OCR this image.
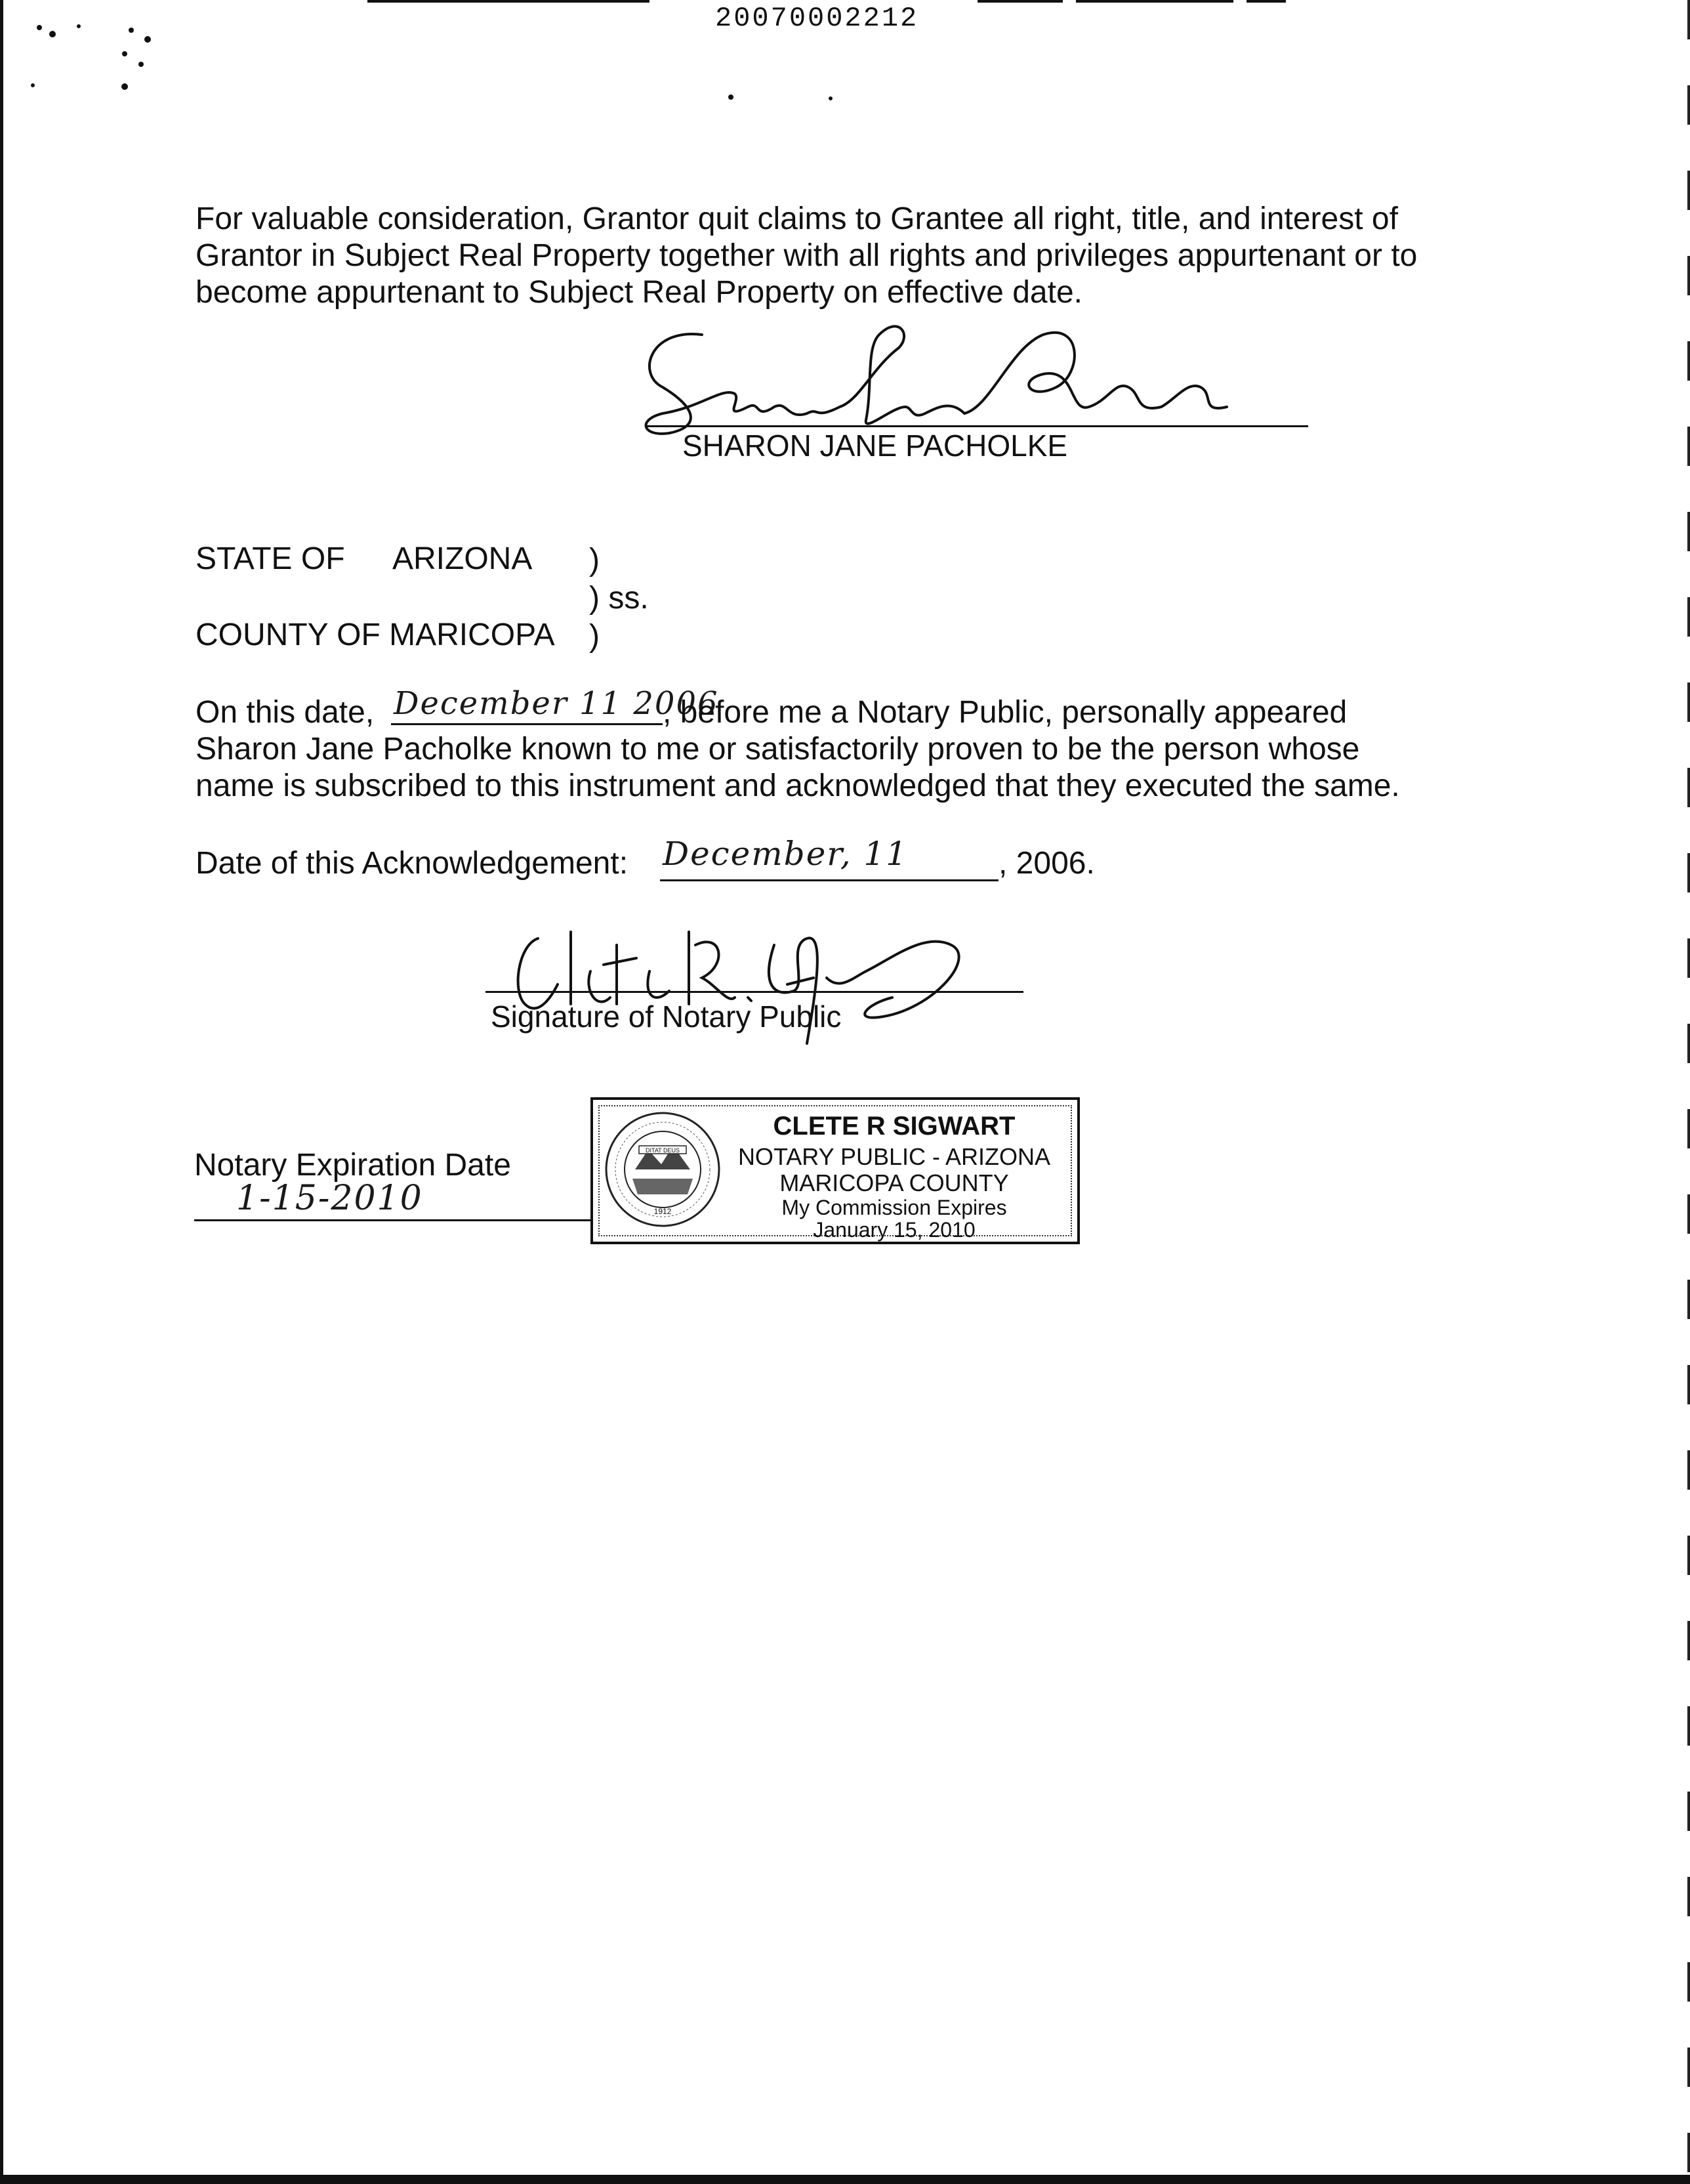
20070002212
For valuable consideration, Grantor quit claims to Grantee all right, title, and interest of
Grantor in Subject Real Property together with all rights and privileges appurtenant or to
become appurtenant to Subject Real Property on effective date.
SHARON JANE PACHOLKE
STATE OF ARIZONA )
) ss.
COUNTY OF MARICOPA )
On this date, December 11 2006
, before me a Notary Public, personally appeared
Sharon Jane Pacholke known to me or satisfactorily proven to be the person whose
name is subscribed to this instrument and acknowledged that they executed the same.
Date of this Acknowledgement: December, 11	, 2006.
Signature of Notary Public
Notary Expiration Date
1-15-2010
DITAT DEUS
1912
CLETE R SIGWART
NOTARY PUBLIC - ARIZONA
MARICOPA COUNTY
My Commission Expires
January 15, 2010
